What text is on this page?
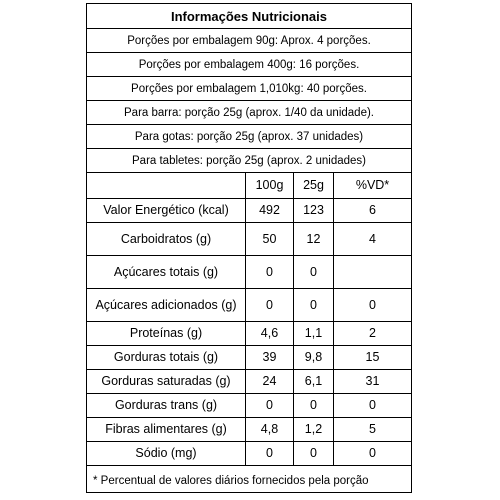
Informações Nutricionais
Porções por embalagem 90g: Aprox. 4 porções.
Porções por embalagem 400g: 16 porções.
Porções por embalagem 1,010kg: 40 porções.
Para barra: porção 25g (aprox. 1/40 da unidade).
Para gotas: porção 25g (aprox. 37 unidades)
Para tabletes: porção 25g (aprox. 2 unidades)
100g	25g	%VD*
Valor Energético (kcal)	492	123	6
Carboidratos (g)	50	12	4
Açúcares totais (g)	0	0
Açúcares adicionados (g)	0	0	0
Proteínas (g)	4,6	1,1	2
Gorduras totais (g)	39	9,8	15
Gorduras saturadas (g)	24	6,1	31
Gorduras trans (g)	0	0	0
Fibras alimentares (g)	4,8	1,2	5
Sódio (mg)	0	0	0
* Percentual de valores diários fornecidos pela porção
